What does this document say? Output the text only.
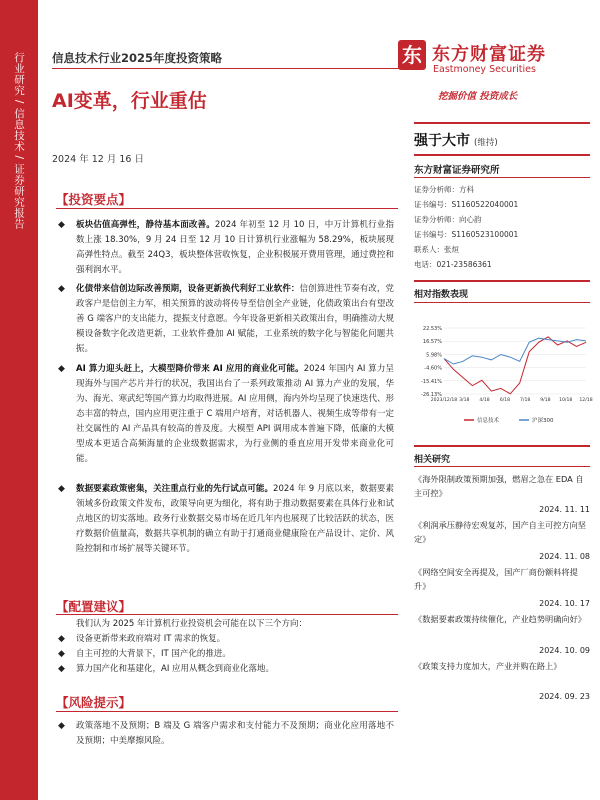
行业研究 / 信息技术 / 证券研究报告	信息技术行业2025年度投资策略
AI变革，行业重估
2024 年 12 月 16 日
东 东方财富证券
Eastmoney Securities
挖掘价值 投资成长
强于大市 (维持)
东方财富证券研究所
证券分析师：方科
证书编号：S1160522040001
证券分析师：向心韵
证书编号：S1160523100001
联系人：张烜
电话：021-23586361
相对指数表现
22.53%
16.57%
5.98%
-4.60%
-15.41%
-26.13%
2023/12/18 3/18 4/18 6/18 7/18 9/18 10/18 12/18
信息技术	沪深300
相关研究
《海外限制政策预期加强，燃眉之急在 EDA 自主可控》
2024. 11. 11
《利润承压静待宏观复苏，国产自主可控方向坚定》
2024. 11. 08
《网络空间安全再提及，国产厂商份额料将提升》
2024. 10. 17
《数据要素政策持续催化，产业趋势明确向好》
2024. 10. 09
《政策支持力度加大，产业并购在路上》
2024. 09. 23
【投资要点】
◆ 板块估值高弹性，静待基本面改善。2024 年初至 12 月 10 日，中万计算机行业指数上涨 18.30%，9 月 24 日至 12 月 10 日计算机行业涨幅为 58.29%，板块展现高弹性特点。截至 24Q3，板块整体营收恢复，企业积极展开费用管理，通过费控和强利润水平。
◆ 化债带来信创边际改善预期，设备更新换代利好工业软件：信创算进性节奏有改，党政客户是信创主力军，相关预算的波动将传导至信创全产业链，化债政策出台有望改善 G 端客户的支出能力，提振支付意愿。今年设备更新相关政策出台，明确推动大规模设备数字化改造更新，工业软件叠加 AI 赋能，工业系统的数字化与智能化问题共振。
◆ AI 算力迎头赶上，大模型降价带来 AI 应用的商业化可能。2024 年国内 AI 算力呈现海外与国产芯片并行的状况，我国出台了一系列政策推动 AI 算力产业的发展，华为、海光、寒武纪等国产算力均取得进展。AI 应用侧，海内外均呈现了快速迭代、形态丰富的特点，国内应用更注重于 C 端用户培育，对话机器人、视频生成等带有一定社交属性的 AI 产品具有较高的普及度。大模型 API 调用成本普遍下降，低廉的大模型成本更适合高频海量的企业级数据需求，为行业侧的垂直应用开发带来商业化可能。
◆ 数据要素政策密集，关注重点行业的先行试点可能。2024 年 9 月底以来，数据要素领域多份政策文件发布，政策导向更为细化，将有助于推动数据要素在具体行业和试点地区的切实落地。政务行业数据交易市场在近几年内也展现了比较活跃的状态，医疗数据价值量高，数据共享机制的确立有助于打通商业健康险在产品设计、定价、风险控制和市场扩展等关键环节。
【配置建议】
我们认为 2025 年计算机行业投资机会可能在以下三个方向：
◆ 设备更新带来政府端对 IT 需求的恢复。
◆ 自主可控的大背景下，IT 国产化的推进。
◆ 算力国产化和基建化，AI 应用从概念到商业化落地。
【风险提示】
◆ 政策落地不及预期；B 端及 G 端客户需求和支付能力不及预期；商业化应用落地不及预期；中美摩擦风险。
